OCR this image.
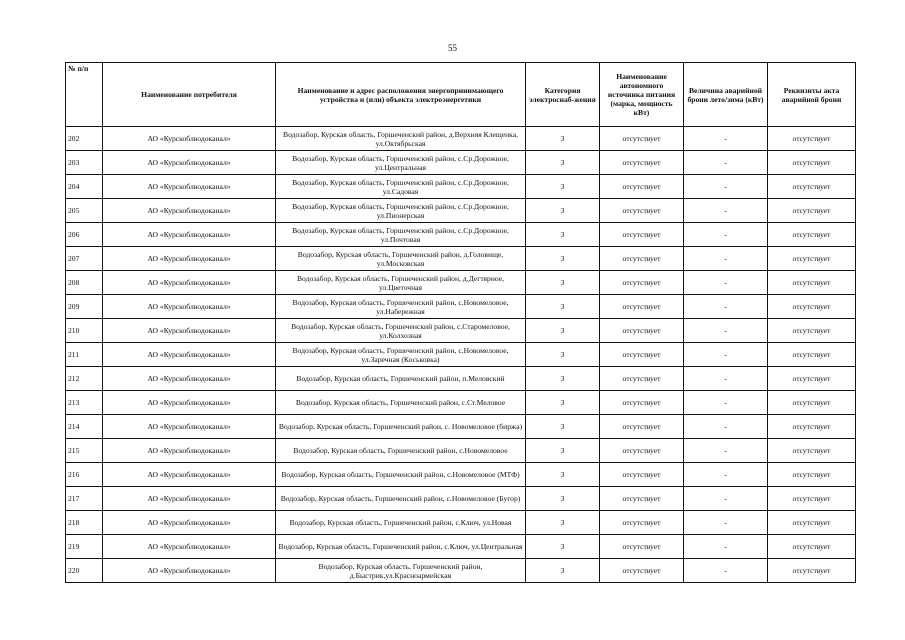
55
№ п/п	Наименование потребителя	Наименование и адрес расположения энергопринимающего устройства и (или) объекта электроэнергетики	Категория электроснаб-жения	Наименование автономного источника питания (марка, мощность кВт)	Величина аварийной брони лето/зима (кВт)	Реквизиты акта аварийной брони
202	АО «Курскоблводоканал»	Водозабор, Курская область, Горшеченский район, д.Верхняя Клещенка, ул.Октябрьская	3	отсутствует	-	отсутствует
203	АО «Курскоблводоканал»	Водозабор, Курская область, Горшеченский район, с.Ср.Дорожное, ул.Центральная	3	отсутствует	-	отсутствует
204	АО «Курскоблводоканал»	Водозабор, Курская область, Горшеченский район, с.Ср.Дорожное, ул.Садовая	3	отсутствует	-	отсутствует
205	АО «Курскоблводоканал»	Водозабор, Курская область, Горшеченский район, с.Ср.Дорожное, ул.Пионерская	3	отсутствует	-	отсутствует
206	АО «Курскоблводоканал»	Водозабор, Курская область, Горшеченский район, с.Ср.Дорожное, ул.Почтовая	3	отсутствует	-	отсутствует
207	АО «Курскоблводоканал»	Водозабор, Курская область, Горшеченский район, д.Головище, ул.Московская	3	отсутствует	-	отсутствует
208	АО «Курскоблводоканал»	Водозабор, Курская область, Горшеченский район, д.Дегтярное, ул.Цветочная	3	отсутствует	-	отсутствует
209	АО «Курскоблводоканал»	Водозабор, Курская область, Горшеченский район, с.Новомеловое, ул.Набережная	3	отсутствует	-	отсутствует
210	АО «Курскоблводоканал»	Водозабор, Курская область, Горшеченский район, с.Старомеловое, ул.Колхозная	3	отсутствует	-	отсутствует
211	АО «Курскоблводоканал»	Водозабор, Курская область, Горшеченский район, с.Новомеловое, ул.Заречная (Коськовка)	3	отсутствует	-	отсутствует
212	АО «Курскоблводоканал»	Водозабор, Курская область, Горшеченский район, п.Меловский	3	отсутствует	-	отсутствует
213	АО «Курскоблводоканал»	Водозабор, Курская область, Горшеченский район, с.Ст.Меловое	3	отсутствует	-	отсутствует
214	АО «Курскоблводоканал»	Водозабор, Курская область, Горшеченский район, с. Новомеловое (биржа)	3	отсутствует	-	отсутствует
215	АО «Курскоблводоканал»	Водозабор, Курская область, Горшеченский район, с.Новомеловое	3	отсутствует	-	отсутствует
216	АО «Курскоблводоканал»	Водозабор, Курская область, Горшеченский район, с.Новомеловое (МТФ)	3	отсутствует	-	отсутствует
217	АО «Курскоблводоканал»	Водозабор, Курская область, Горшеченский район, с.Новомеловое (Бугор)	3	отсутствует	-	отсутствует
218	АО «Курскоблводоканал»	Водозабор, Курская область, Горшеченский район, с.Ключ, ул.Новая	3	отсутствует	-	отсутствует
219	АО «Курскоблводоканал»	Водозабор, Курская область, Горшеченский район, с.Ключ, ул.Центральная	3	отсутствует	-	отсутствует
220	АО «Курскоблводоканал»	Водозабор, Курская область, Горшеченский район, д.Быстрик,ул.Красноармейская	3	отсутствует	-	отсутствует
